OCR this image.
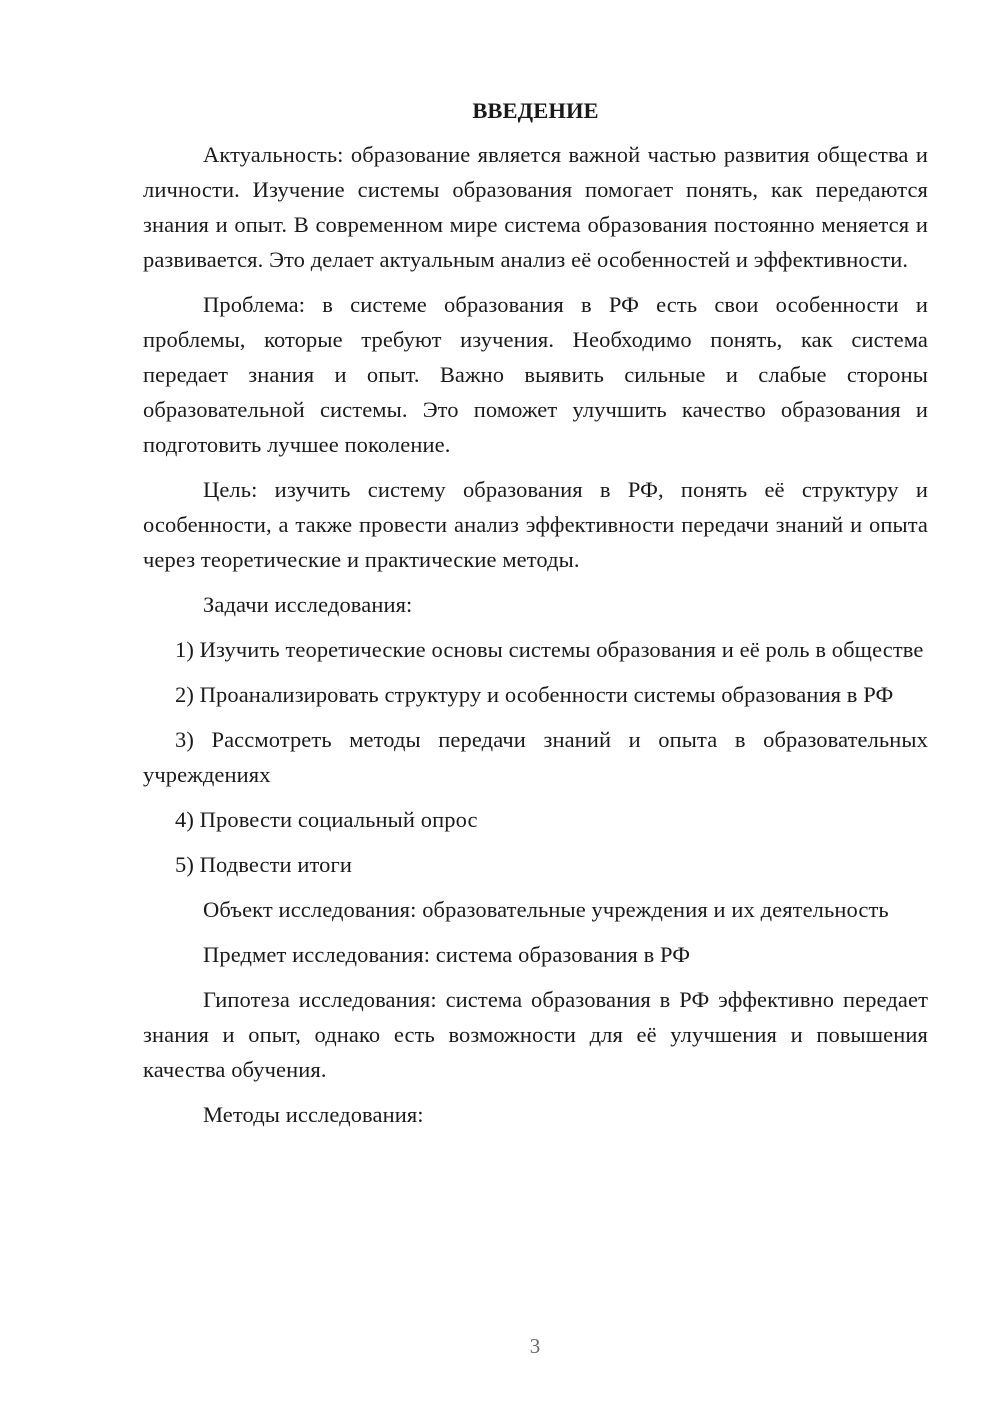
ВВЕДЕНИЕ

Актуальность: образование является важной частью развития общества и личности. Изучение системы образования помогает понять, как передаются знания и опыт. В современном мире система образования постоянно меняется и развивается. Это делает актуальным анализ её особенностей и эффективности.

Проблема: в системе образования в РФ есть свои особенности и проблемы, которые требуют изучения. Необходимо понять, как система передает знания и опыт. Важно выявить сильные и слабые стороны образовательной системы. Это поможет улучшить качество образования и подготовить лучшее поколение.

Цель: изучить систему образования в РФ, понять её структуру и особенности, а также провести анализ эффективности передачи знаний и опыта через теоретические и практические методы.

Задачи исследования:

1) Изучить теоретические основы системы образования и её роль в обществе

2) Проанализировать структуру и особенности системы образования в РФ

3) Рассмотреть методы передачи знаний и опыта в образовательных учреждениях

4) Провести социальный опрос

5) Подвести итоги

Объект исследования: образовательные учреждения и их деятельность

Предмет исследования: система образования в РФ

Гипотеза исследования: система образования в РФ эффективно передает знания и опыт, однако есть возможности для её улучшения и повышения качества обучения.

Методы исследования:

3
